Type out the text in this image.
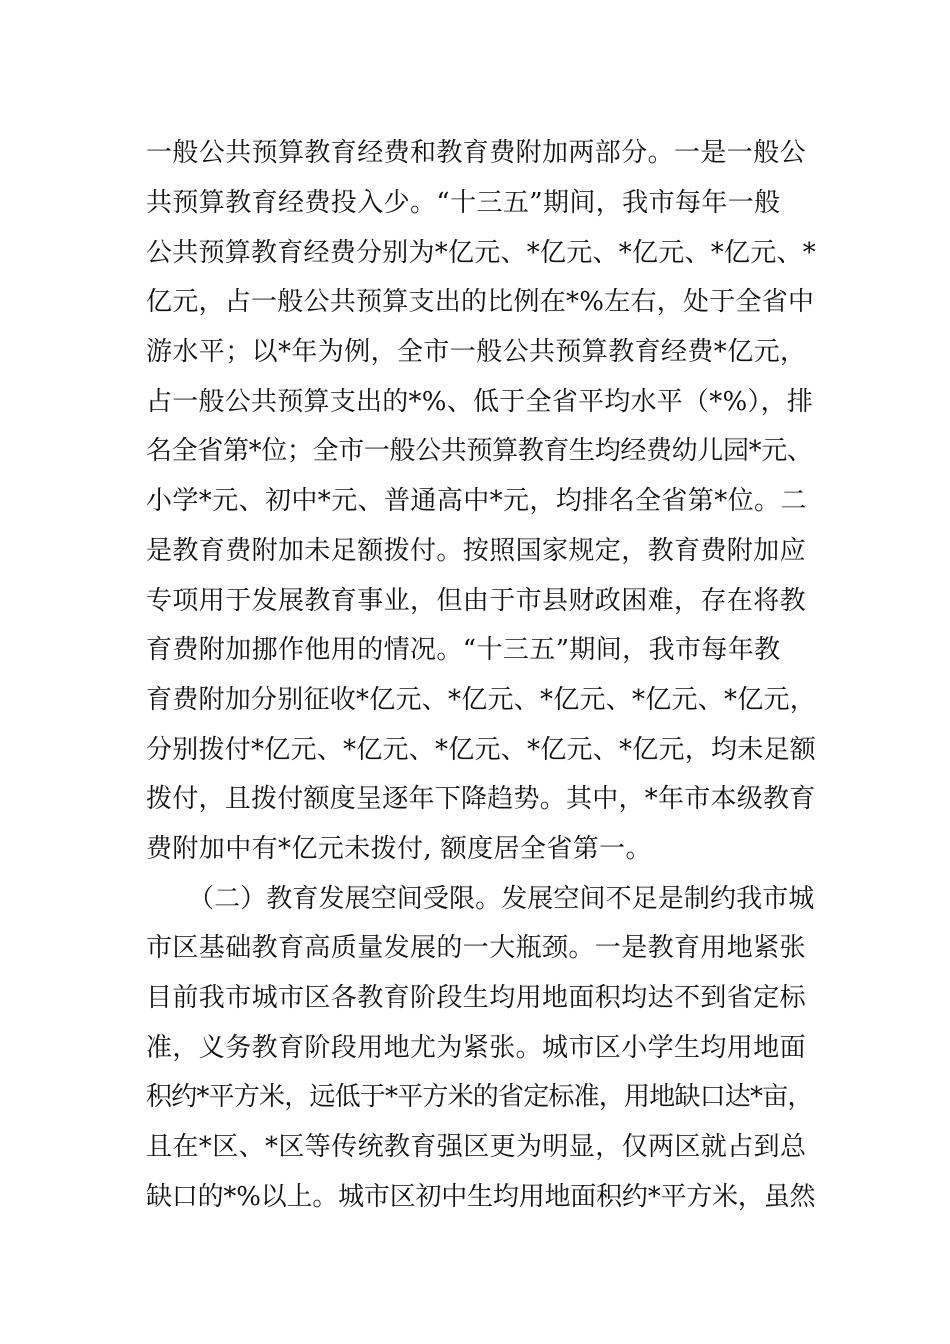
一般公共预算教育经费和教育费附加两部分。一是一般公
共预算教育经费投入少。“十三五”期间，我市每年一般
公共预算教育经费分别为*亿元、*亿元、*亿元、*亿元、*
亿元，占一般公共预算支出的比例在*%左右，处于全省中
游水平；以*年为例，全市一般公共预算教育经费*亿元，
占一般公共预算支出的*%、低于全省平均水平（*%），排
名全省第*位；全市一般公共预算教育生均经费幼儿园*元、
小学*元、初中*元、普通高中*元，均排名全省第*位。二
是教育费附加未足额拨付。按照国家规定，教育费附加应
专项用于发展教育事业，但由于市县财政困难，存在将教
育费附加挪作他用的情况。“十三五”期间，我市每年教
育费附加分别征收*亿元、*亿元、*亿元、*亿元、*亿元，
分别拨付*亿元、*亿元、*亿元、*亿元、*亿元，均未足额
拨付，且拨付额度呈逐年下降趋势。其中，*年市本级教育
费附加中有*亿元未拨付, 额度居全省第一。
（二）教育发展空间受限。发展空间不足是制约我市城
市区基础教育高质量发展的一大瓶颈。一是教育用地紧张
目前我市城市区各教育阶段生均用地面积均达不到省定标
准，义务教育阶段用地尤为紧张。城市区小学生均用地面
积约*平方米，远低于*平方米的省定标准，用地缺口达*亩，
且在*区、*区等传统教育强区更为明显，仅两区就占到总
缺口的*%以上。城市区初中生均用地面积约*平方米，虽然
